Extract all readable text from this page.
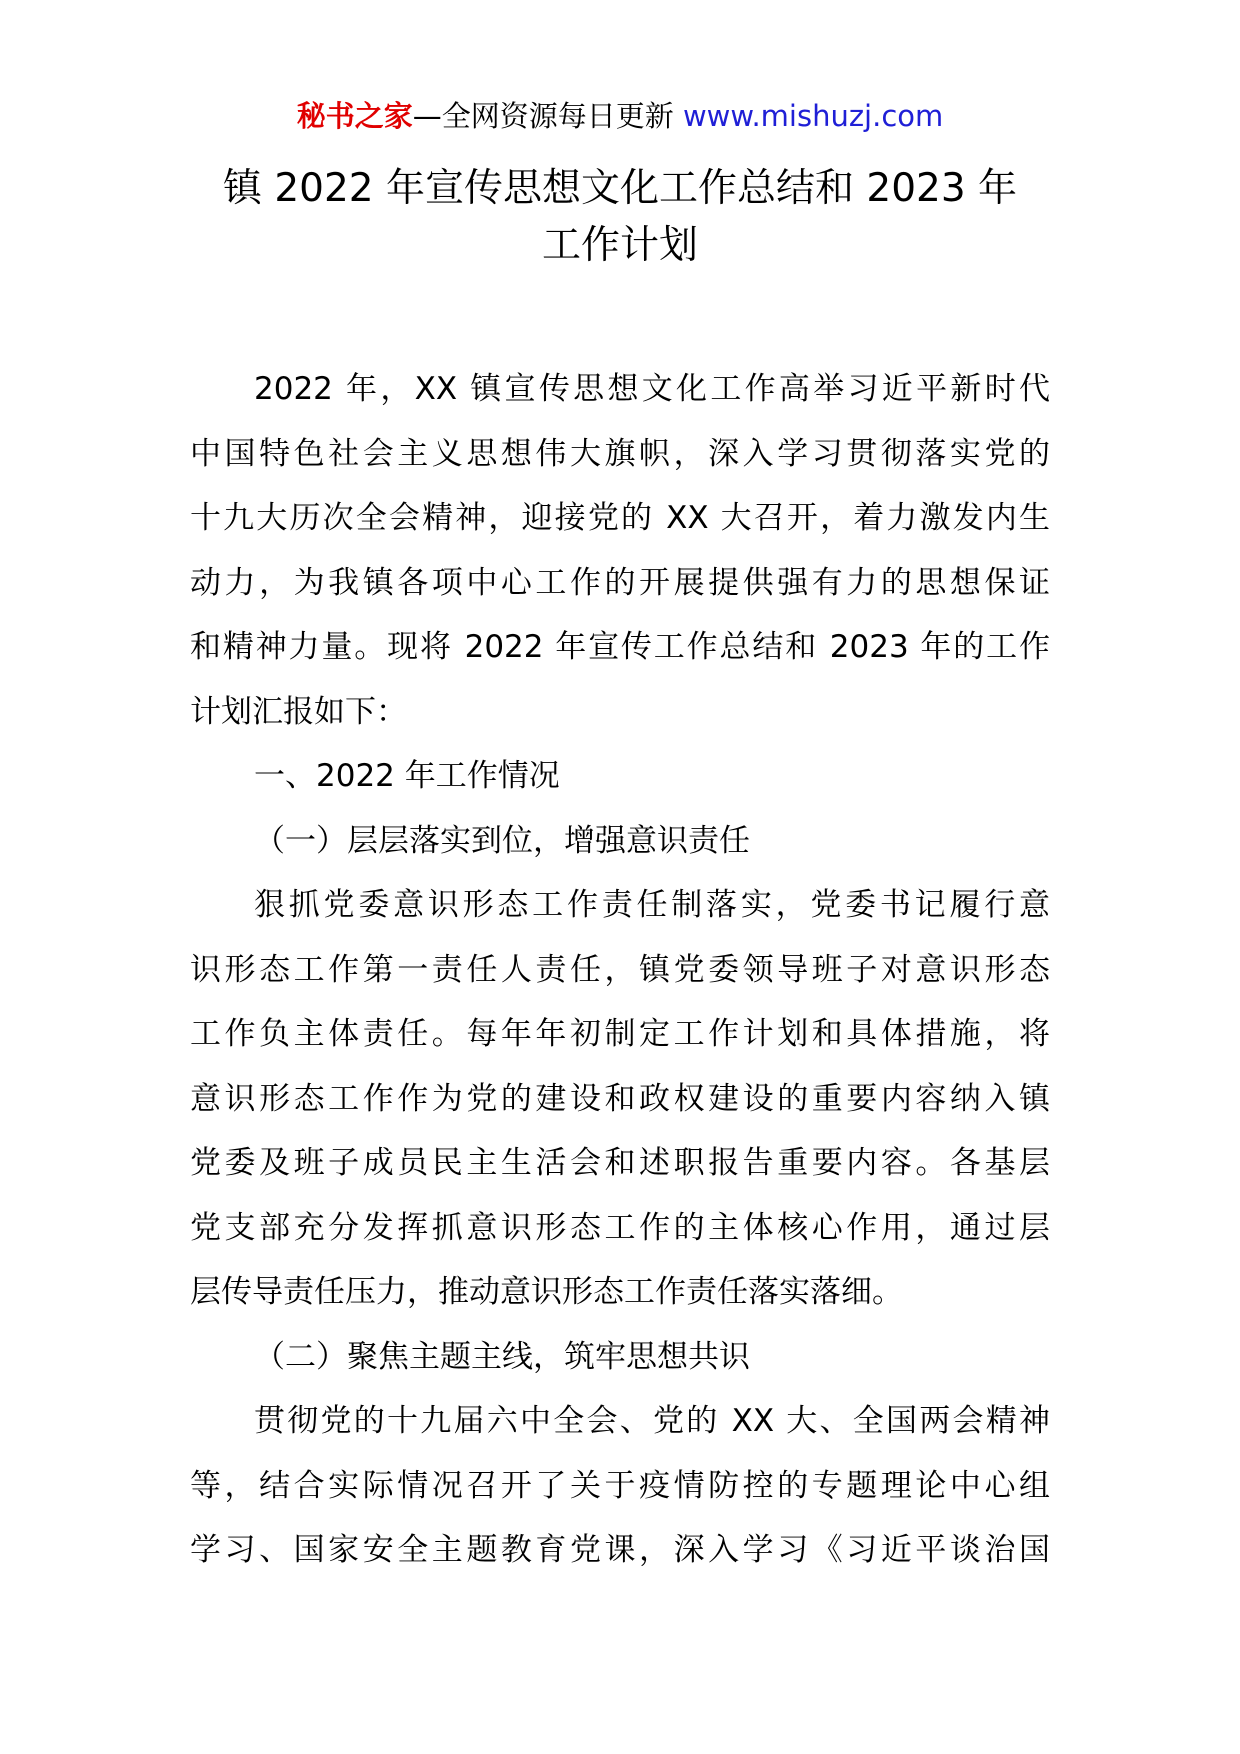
秘书之家—全网资源每日更新 www.mishuzj.com
镇 2022 年宣传思想文化工作总结和 2023 年
工作计划
2022 年，XX 镇宣传思想文化工作高举习近平新时代
中国特色社会主义思想伟大旗帜，深入学习贯彻落实党的
十九大历次全会精神，迎接党的 XX 大召开，着力激发内生
动力，为我镇各项中心工作的开展提供强有力的思想保证
和精神力量。现将 2022 年宣传工作总结和 2023 年的工作
计划汇报如下：
一、2022 年工作情况
（一）层层落实到位，增强意识责任
狠抓党委意识形态工作责任制落实，党委书记履行意
识形态工作第一责任人责任，镇党委领导班子对意识形态
工作负主体责任。每年年初制定工作计划和具体措施，将
意识形态工作作为党的建设和政权建设的重要内容纳入镇
党委及班子成员民主生活会和述职报告重要内容。各基层
党支部充分发挥抓意识形态工作的主体核心作用，通过层
层传导责任压力，推动意识形态工作责任落实落细。
（二）聚焦主题主线，筑牢思想共识
贯彻党的十九届六中全会、党的 XX 大、全国两会精神
等，结合实际情况召开了关于疫情防控的专题理论中心组
学习、国家安全主题教育党课，深入学习《习近平谈治国
